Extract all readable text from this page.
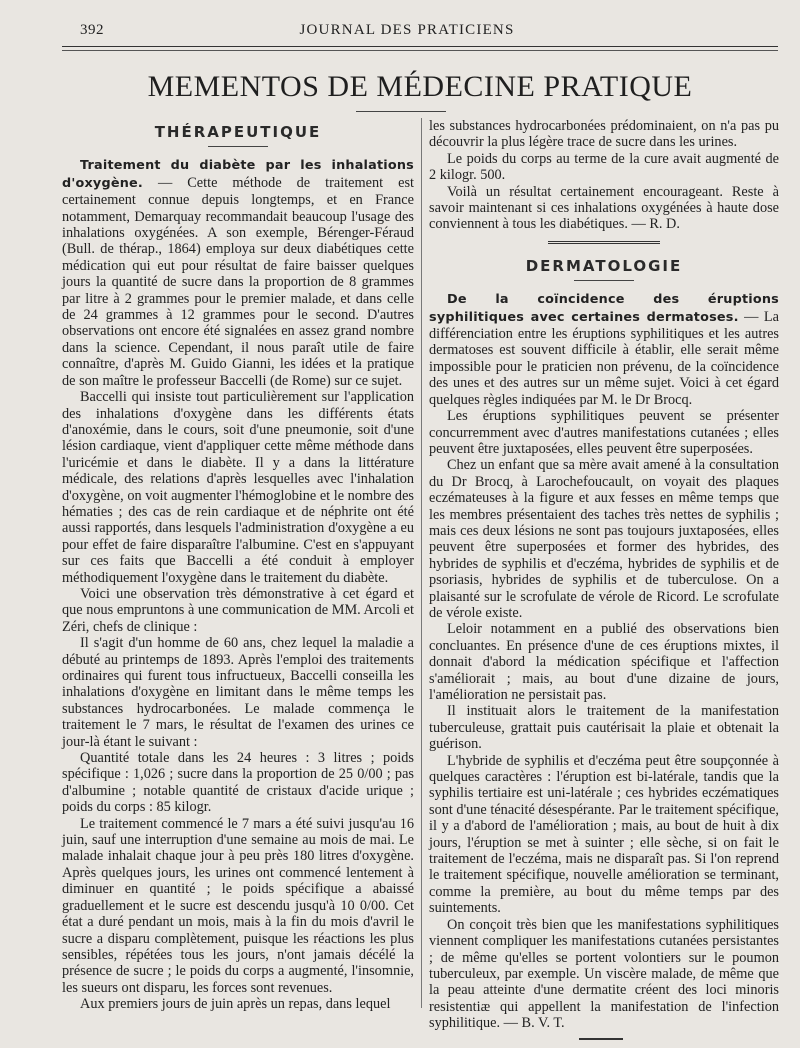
392	JOURNAL DES PRATICIENS
MEMENTOS DE MÉDECINE PRATIQUE
THÉRAPEUTIQUE

Traitement du diabète par les inhalations d'oxygène. — Cette méthode de traitement est certainement connue depuis longtemps, et en France notamment, Demarquay recommandait beaucoup l'usage des inhalations oxygénées. A son exemple, Bérenger-Féraud (Bull. de thérap., 1864) employa sur deux diabétiques cette médication qui eut pour résultat de faire baisser quelques jours la quantité de sucre dans la proportion de 8 grammes par litre à 2 grammes pour le premier malade, et dans celle de 24 grammes à 12 grammes pour le second. D'autres observations ont encore été signalées en assez grand nombre dans la science. Cependant, il nous paraît utile de faire connaître, d'après M. Guido Gianni, les idées et la pratique de son maître le professeur Baccelli (de Rome) sur ce sujet.

Baccelli qui insiste tout particulièrement sur l'application des inhalations d'oxygène dans les différents états d'anoxémie, dans le cours, soit d'une pneumonie, soit d'une lésion cardiaque, vient d'appliquer cette même méthode dans l'uricémie et dans le diabète. Il y a dans la littérature médicale, des relations d'après lesquelles avec l'inhalation d'oxygène, on voit augmenter l'hémoglobine et le nombre des hématies ; des cas de rein cardiaque et de néphrite ont été aussi rapportés, dans lesquels l'administration d'oxygène a eu pour effet de faire disparaître l'albumine. C'est en s'appuyant sur ces faits que Baccelli a été conduit à employer méthodiquement l'oxygène dans le traitement du diabète.

Voici une observation très démonstrative à cet égard et que nous empruntons à une communication de MM. Arcoli et Zéri, chefs de clinique :

Il s'agit d'un homme de 60 ans, chez lequel la maladie a débuté au printemps de 1893. Après l'emploi des traitements ordinaires qui furent tous infructueux, Baccelli conseilla les inhalations d'oxygène en limitant dans le même temps les substances hydrocarbonées. Le malade commença le traitement le 7 mars, le résultat de l'examen des urines ce jour-là étant le suivant :

Quantité totale dans les 24 heures : 3 litres ; poids spécifique : 1,026 ; sucre dans la proportion de 25 0/00 ; pas d'albumine ; notable quantité de cristaux d'acide urique ; poids du corps : 85 kilogr.

Le traitement commencé le 7 mars a été suivi jusqu'au 16 juin, sauf une interruption d'une semaine au mois de mai. Le malade inhalait chaque jour à peu près 180 litres d'oxygène. Après quelques jours, les urines ont commencé lentement à diminuer en quantité ; le poids spécifique a abaissé graduellement et le sucre est descendu jusqu'à 10 0/00. Cet état a duré pendant un mois, mais à la fin du mois d'avril le sucre a disparu complètement, puisque les réactions les plus sensibles, répétées tous les jours, n'ont jamais décélé la présence de sucre ; le poids du corps a augmenté, l'insomnie, les sueurs ont disparu, les forces sont revenues.

Aux premiers jours de juin après un repas, dans lequel

les substances hydrocarbonées prédominaient, on n'a pas pu découvrir la plus légère trace de sucre dans les urines.

Le poids du corps au terme de la cure avait augmenté de 2 kilogr. 500.

Voilà un résultat certainement encourageant. Reste à savoir maintenant si ces inhalations oxygénées à haute dose conviennent à tous les diabétiques. — R. D.

DERMATOLOGIE

De la coïncidence des éruptions syphilitiques avec certaines dermatoses. — La différenciation entre les éruptions syphilitiques et les autres dermatoses est souvent difficile à établir, elle serait même impossible pour le praticien non prévenu, de la coïncidence des unes et des autres sur un même sujet. Voici à cet égard quelques règles indiquées par M. le Dr Brocq.

Les éruptions syphilitiques peuvent se présenter concurremment avec d'autres manifestations cutanées ; elles peuvent être juxtaposées, elles peuvent être superposées.

Chez un enfant que sa mère avait amené à la consultation du Dr Brocq, à Larochefoucault, on voyait des plaques eczémateuses à la figure et aux fesses en même temps que les membres présentaient des taches très nettes de syphilis ; mais ces deux lésions ne sont pas toujours juxtaposées, elles peuvent être superposées et former des hybrides, des hybrides de syphilis et d'eczéma, hybrides de syphilis et de psoriasis, hybrides de syphilis et de tuberculose. On a plaisanté sur le scrofulate de vérole de Ricord. Le scrofulate de vérole existe.

Leloir notamment en a publié des observations bien concluantes. En présence d'une de ces éruptions mixtes, il donnait d'abord la médication spécifique et l'affection s'améliorait ; mais, au bout d'une dizaine de jours, l'amélioration ne persistait pas.

Il instituait alors le traitement de la manifestation tuberculeuse, grattait puis cautérisait la plaie et obtenait la guérison.

L'hybride de syphilis et d'eczéma peut être soupçonnée à quelques caractères : l'éruption est bi-latérale, tandis que la syphilis tertiaire est uni-latérale ; ces hybrides eczématiques sont d'une ténacité désespérante. Par le traitement spécifique, il y a d'abord de l'amélioration ; mais, au bout de huit à dix jours, l'éruption se met à suinter ; elle sèche, si on fait le traitement de l'eczéma, mais ne disparaît pas. Si l'on reprend le traitement spécifique, nouvelle amélioration se terminant, comme la première, au bout du même temps par des suintements.

On conçoit très bien que les manifestations syphilitiques viennent compliquer les manifestations cutanées persistantes ; de même qu'elles se portent volontiers sur le poumon tuberculeux, par exemple. Un viscère malade, de même que la peau atteinte d'une dermatite créent des loci minoris resistentiæ qui appellent la manifestation de l'infection syphilitique. — B. V. T.
